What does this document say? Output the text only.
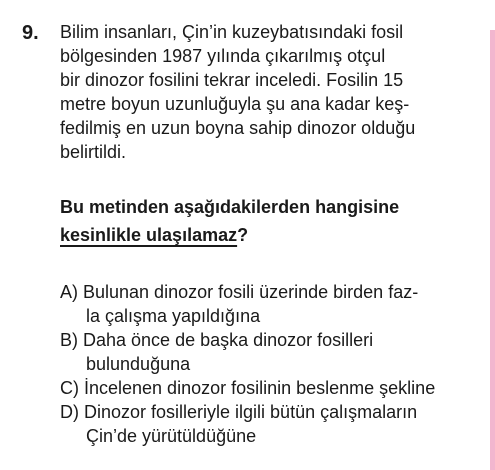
9. Bilim insanları, Çin’in kuzeybatısındaki fosil
bölgesinden 1987 yılında çıkarılmış otçul
bir dinozor fosilini tekrar inceledi. Fosilin 15
metre boyun uzunluğuyla şu ana kadar keş-
fedilmiş en uzun boyna sahip dinozor olduğu
belirtildi.
Bu metinden aşağıdakilerden hangisine
kesinlikle ulaşılamaz?
A) Bulunan dinozor fosili üzerinde birden faz-
la çalışma yapıldığına
B) Daha önce de başka dinozor fosilleri
bulunduğuna
C) İncelenen dinozor fosilinin beslenme şekline
D) Dinozor fosilleriyle ilgili bütün çalışmaların
Çin’de yürütüldüğüne
